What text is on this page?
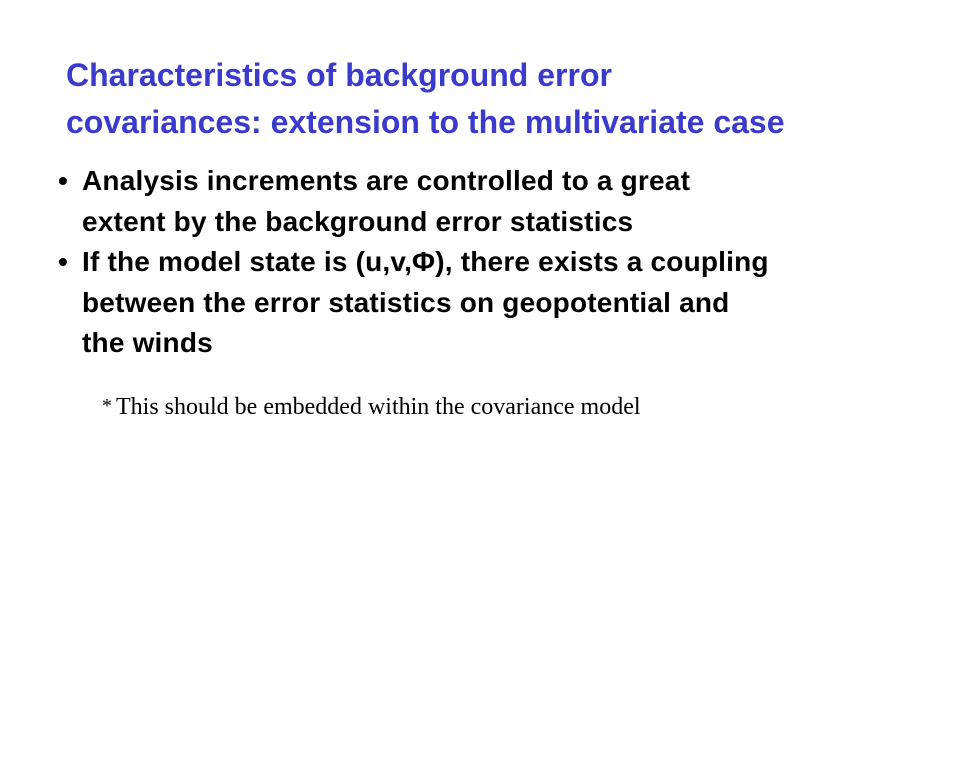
Characteristics of background error
covariances: extension to the multivariate case
• Analysis increments are controlled to a great
extent by the background error statistics
• If the model state is (u,v,Φ), there exists a coupling
between the error statistics on geopotential and
the winds

* This should be embedded within the covariance model
